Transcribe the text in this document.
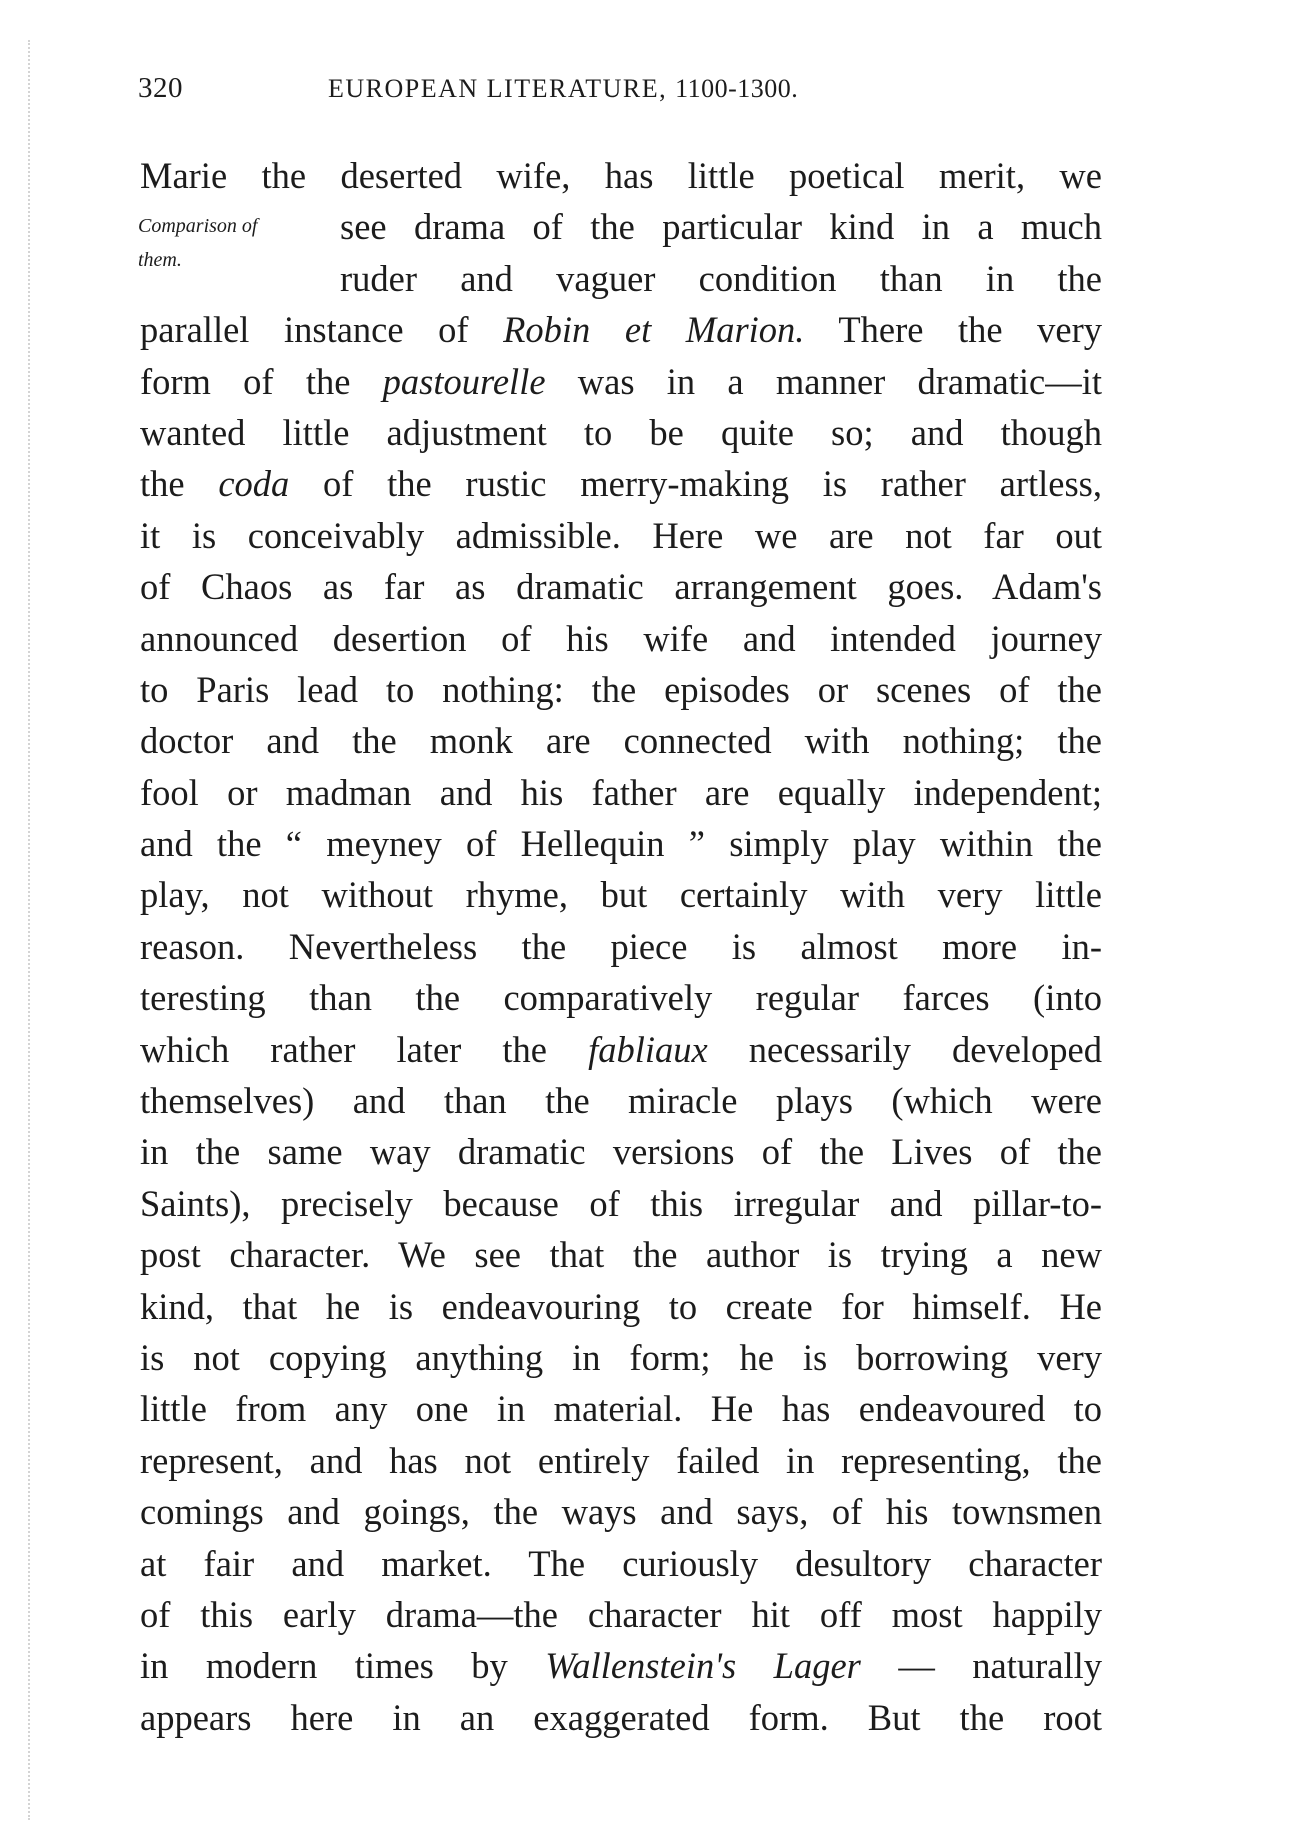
320	EUROPEAN LITERATURE, 1100-1300.
Comparison of
them.
Marie the deserted wife, has little poetical merit, we
see drama of the particular kind in a much
ruder and vaguer condition than in the
parallel instance of Robin et Marion. There the very
form of the pastourelle was in a manner dramatic—it
wanted little adjustment to be quite so; and though
the coda of the rustic merry-making is rather artless,
it is conceivably admissible. Here we are not far out
of Chaos as far as dramatic arrangement goes. Adam's
announced desertion of his wife and intended journey
to Paris lead to nothing: the episodes or scenes of the
doctor and the monk are connected with nothing; the
fool or madman and his father are equally independent;
and the “ meyney of Hellequin ” simply play within the
play, not without rhyme, but certainly with very little
reason. Nevertheless the piece is almost more in-
teresting than the comparatively regular farces (into
which rather later the fabliaux necessarily developed
themselves) and than the miracle plays (which were
in the same way dramatic versions of the Lives of the
Saints), precisely because of this irregular and pillar-to-
post character. We see that the author is trying a new
kind, that he is endeavouring to create for himself. He
is not copying anything in form; he is borrowing very
little from any one in material. He has endeavoured to
represent, and has not entirely failed in representing, the
comings and goings, the ways and says, of his townsmen
at fair and market. The curiously desultory character
of this early drama—the character hit off most happily
in modern times by Wallenstein's Lager — naturally
appears here in an exaggerated form. But the root
